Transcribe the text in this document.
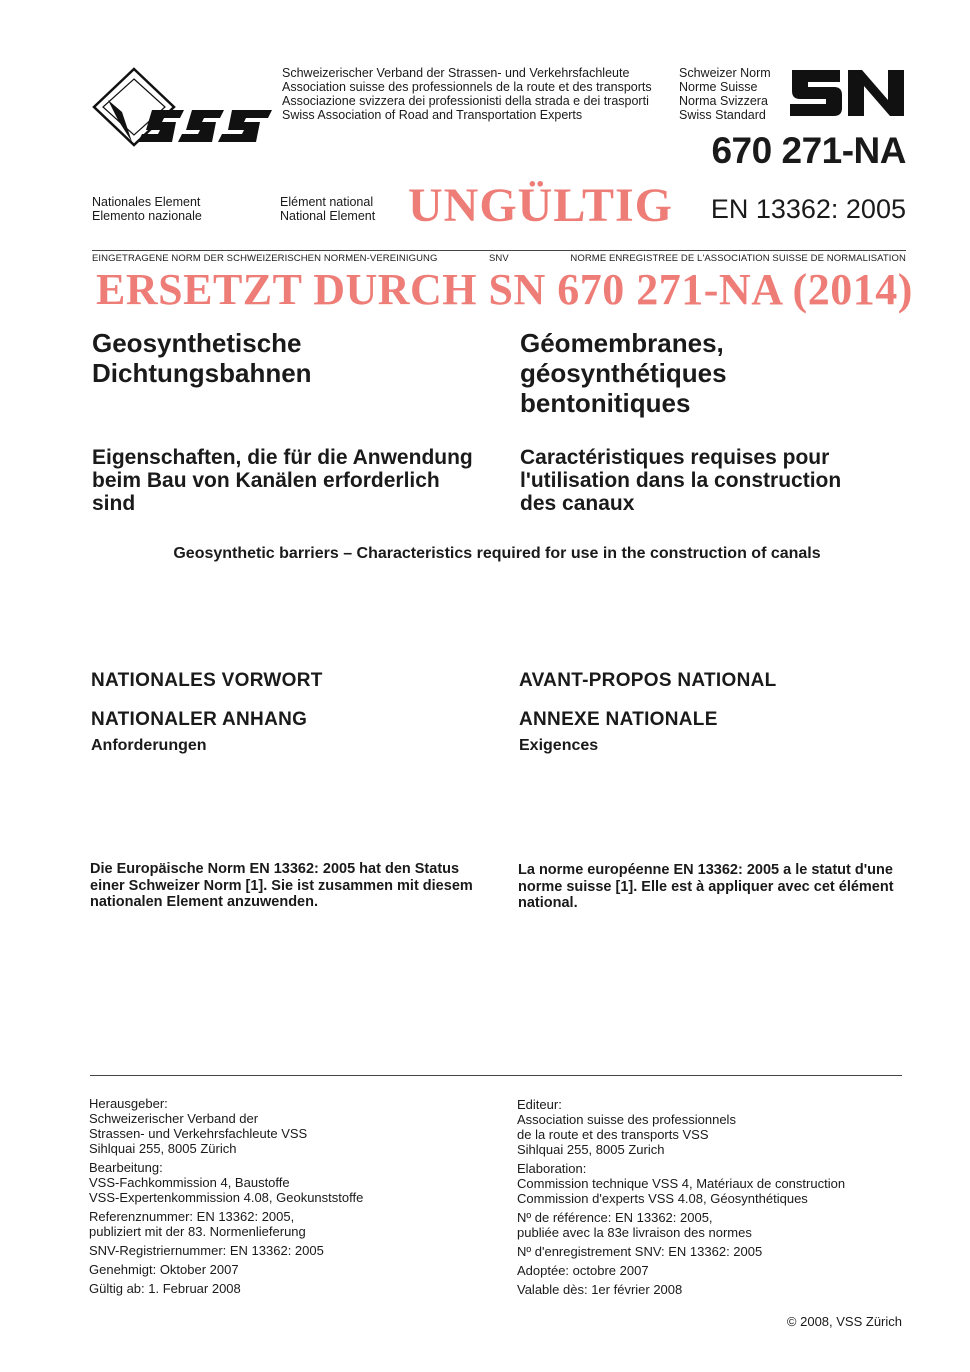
Schweizerischer Verband der Strassen- und Verkehrsfachleute
Association suisse des professionnels de la route et des transports
Associazione svizzera dei professionisti della strada e dei trasporti
Swiss Association of Road and Transportation Experts
Schweizer Norm
Norme Suisse
Norma Svizzera
Swiss Standard
670 271-NA
Nationales Element
Elemento nazionale
Elément national
National Element UNGÜLTIG	EN 13362: 2005
EINGETRAGENE NORM DER SCHWEIZERISCHEN NORMEN-VEREINIGUNG	SNV	NORME ENREGISTREE DE L'ASSOCIATION SUISSE DE NORMALISATION
ERSETZT DURCH SN 670 271-NA (2014)
Geosynthetische
Dichtungsbahnen
Géomembranes,
géosynthétiques
bentonitiques
Eigenschaften, die für die Anwendung
beim Bau von Kanälen erforderlich
sind
Caractéristiques requises pour
l'utilisation dans la construction
des canaux
Geosynthetic barriers – Characteristics required for use in the construction of canals
NATIONALES VORWORT	AVANT-PROPOS NATIONAL
NATIONALER ANHANG	ANNEXE NATIONALE
Anforderungen	Exigences
Die Europäische Norm EN 13362: 2005 hat den Status
einer Schweizer Norm [1]. Sie ist zusammen mit diesem
nationalen Element anzuwenden.
La norme européenne EN 13362: 2005 a le statut d'une
norme suisse [1]. Elle est à appliquer avec cet élément
national.
Herausgeber:
Schweizerischer Verband der
Strassen- und Verkehrsfachleute VSS
Sihlquai 255, 8005 Zürich
Bearbeitung:
VSS-Fachkommission 4, Baustoffe
VSS-Expertenkommission 4.08, Geokunststoffe
Referenznummer: EN 13362: 2005,
publiziert mit der 83. Normenlieferung
SNV-Registriernummer: EN 13362: 2005
Genehmigt: Oktober 2007
Gültig ab: 1. Februar 2008
Editeur:
Association suisse des professionnels
de la route et des transports VSS
Sihlquai 255, 8005 Zurich
Elaboration:
Commission technique VSS 4, Matériaux de construction
Commission d'experts VSS 4.08, Géosynthétiques
Nº de référence: EN 13362: 2005,
publiée avec la 83e livraison des normes
Nº d'enregistrement SNV: EN 13362: 2005
Adoptée: octobre 2007
Valable dès: 1er février 2008
© 2008, VSS Zürich
